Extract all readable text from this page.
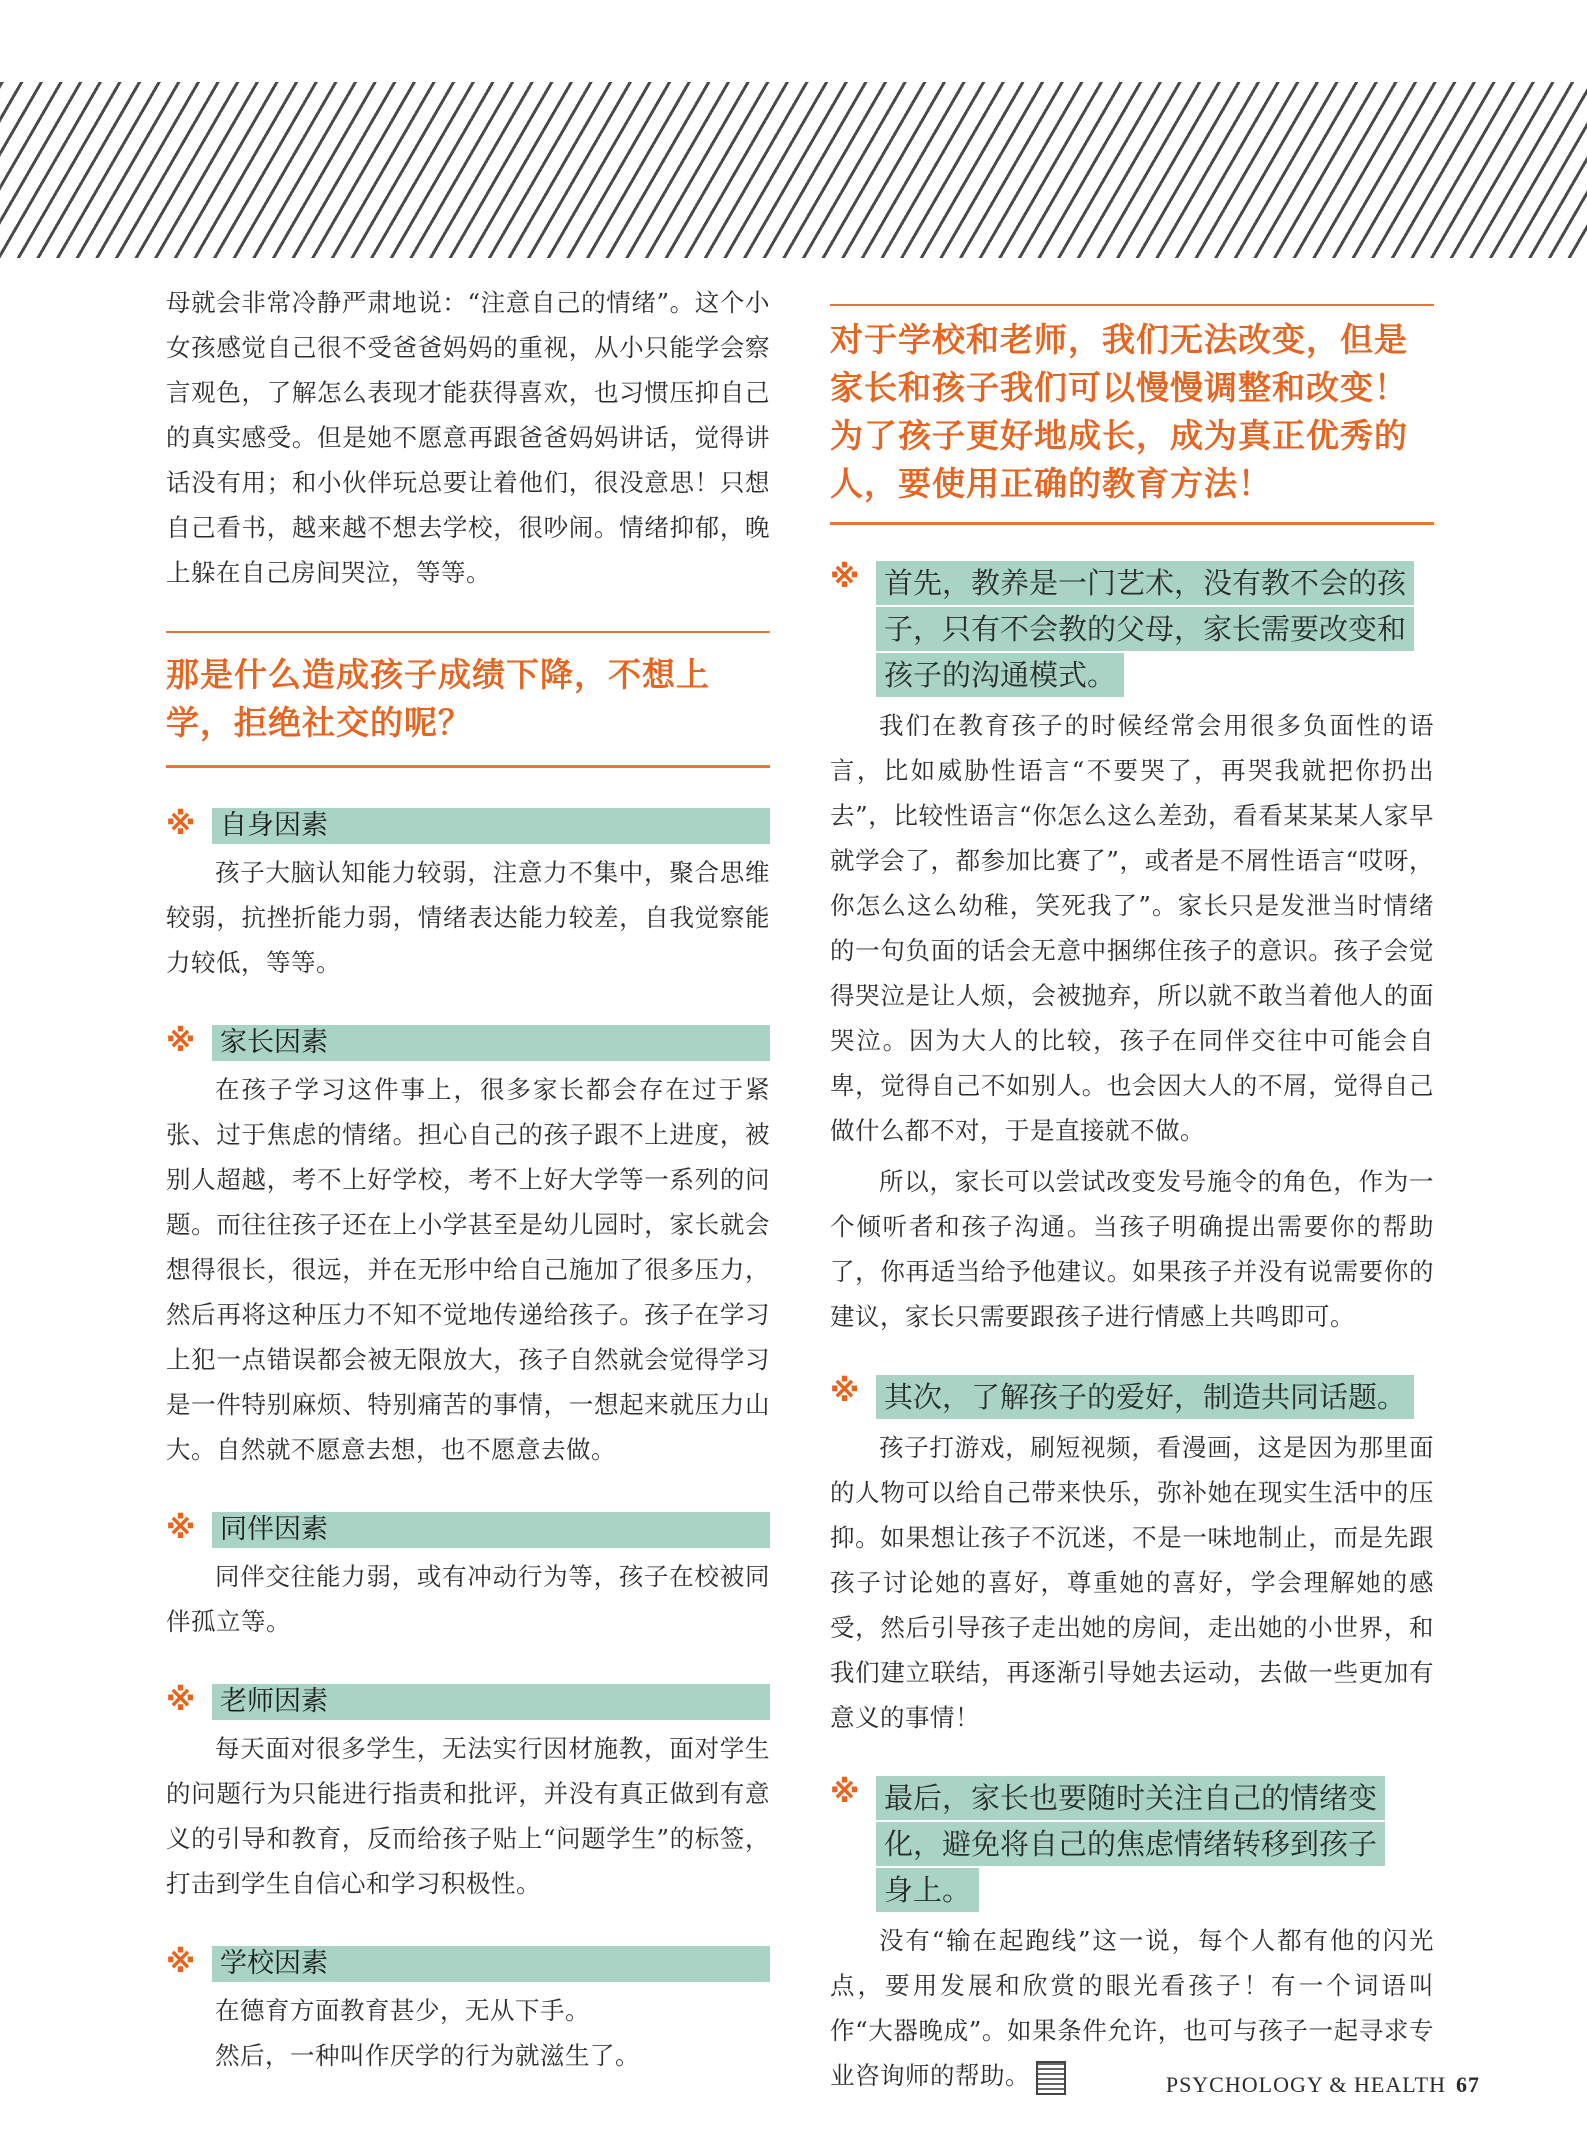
母就会非常冷静严肃地说：“注意自己的情绪”。这个小女孩感觉自己很不受爸爸妈妈的重视，从小只能学会察言观色，了解怎么表现才能获得喜欢，也习惯压抑自己的真实感受。但是她不愿意再跟爸爸妈妈讲话，觉得讲话没有用；和小伙伴玩总要让着他们，很没意思！只想自己看书，越来越不想去学校，很吵闹。情绪抑郁，晚上躲在自己房间哭泣，等等。

那是什么造成孩子成绩下降，不想上学，拒绝社交的呢？
※ 自身因素

孩子大脑认知能力较弱，注意力不集中，聚合思维较弱，抗挫折能力弱，情绪表达能力较差，自我觉察能力较低，等等。

※ 家长因素

在孩子学习这件事上，很多家长都会存在过于紧张、过于焦虑的情绪。担心自己的孩子跟不上进度，被别人超越，考不上好学校，考不上好大学等一系列的问题。而往往孩子还在上小学甚至是幼儿园时，家长就会想得很长，很远，并在无形中给自己施加了很多压力，然后再将这种压力不知不觉地传递给孩子。孩子在学习上犯一点错误都会被无限放大，孩子自然就会觉得学习是一件特别麻烦、特别痛苦的事情，一想起来就压力山大。自然就不愿意去想，也不愿意去做。

※ 同伴因素

同伴交往能力弱，或有冲动行为等，孩子在校被同伴孤立等。

※ 老师因素

每天面对很多学生，无法实行因材施教，面对学生的问题行为只能进行指责和批评，并没有真正做到有意义的引导和教育，反而给孩子贴上“问题学生”的标签，打击到学生自信心和学习积极性。

※ 学校因素

在德育方面教育甚少，无从下手。

然后，一种叫作厌学的行为就滋生了。

对于学校和老师，我们无法改变，但是家长和孩子我们可以慢慢调整和改变！为了孩子更好地成长，成为真正优秀的人，要使用正确的教育方法！
※ 首先，教养是一门艺术，没有教不会的孩
子，只有不会教的父母，家长需要改变和
孩子的沟通模式。

我们在教育孩子的时候经常会用很多负面性的语言，比如威胁性语言“不要哭了，再哭我就把你扔出去”，比较性语言“你怎么这么差劲，看看某某某人家早就学会了，都参加比赛了”，或者是不屑性语言“哎呀，你怎么这么幼稚，笑死我了”。家长只是发泄当时情绪的一句负面的话会无意中捆绑住孩子的意识。孩子会觉得哭泣是让人烦，会被抛弃，所以就不敢当着他人的面哭泣。因为大人的比较，孩子在同伴交往中可能会自卑，觉得自己不如别人。也会因大人的不屑，觉得自己做什么都不对，于是直接就不做。

所以，家长可以尝试改变发号施令的角色，作为一个倾听者和孩子沟通。当孩子明确提出需要你的帮助了，你再适当给予他建议。如果孩子并没有说需要你的建议，家长只需要跟孩子进行情感上共鸣即可。

※ 其次，了解孩子的爱好，制造共同话题。

孩子打游戏，刷短视频，看漫画，这是因为那里面的人物可以给自己带来快乐，弥补她在现实生活中的压抑。如果想让孩子不沉迷，不是一味地制止，而是先跟孩子讨论她的喜好，尊重她的喜好，学会理解她的感受，然后引导孩子走出她的房间，走出她的小世界，和我们建立联结，再逐渐引导她去运动，去做一些更加有意义的事情！

※ 最后，家长也要随时关注自己的情绪变
化，避免将自己的焦虑情绪转移到孩子
身上。

没有“输在起跑线”这一说，每个人都有他的闪光点，要用发展和欣赏的眼光看孩子！有一个词语叫作“大器晚成”。如果条件允许，也可与孩子一起寻求专业咨询师的帮助。	PSYCHOLOGY & HEALTH 67
